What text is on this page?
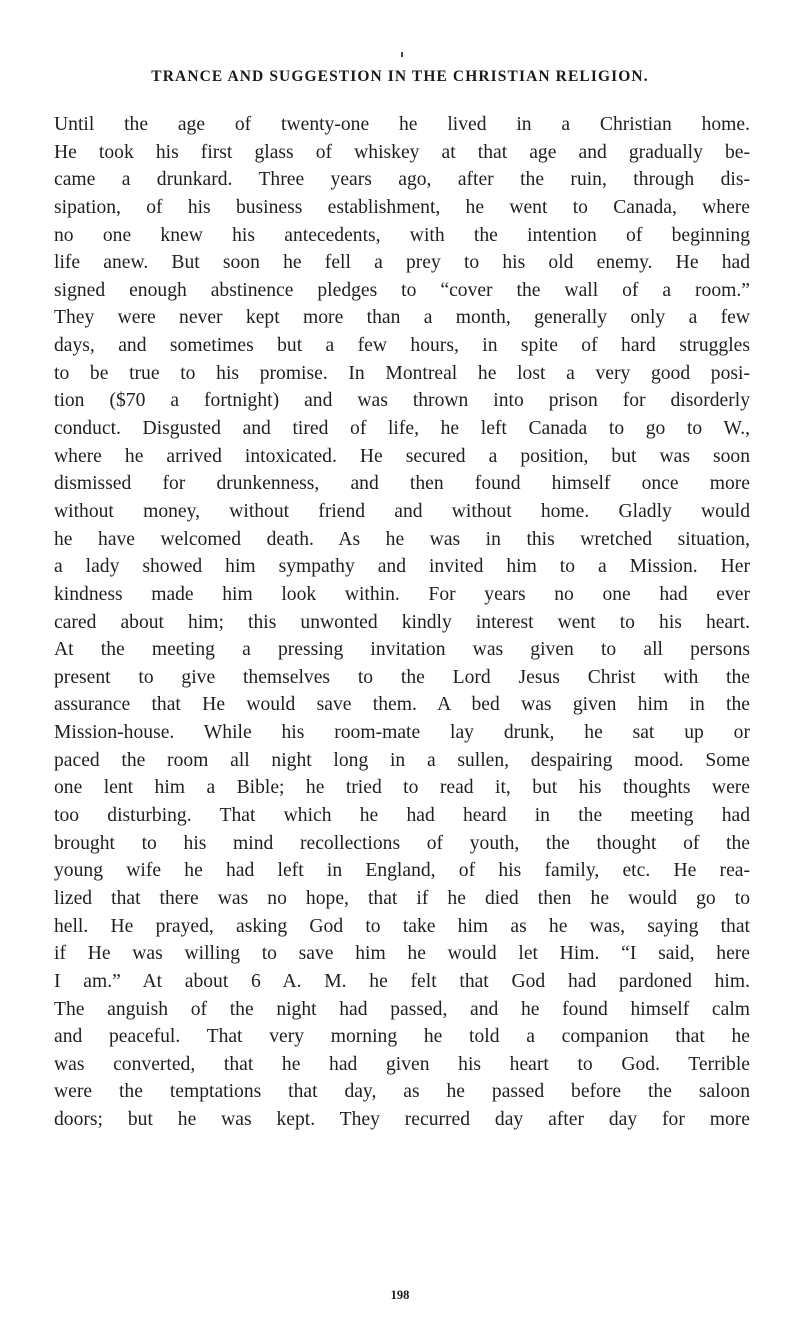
TRANCE AND SUGGESTION IN THE CHRISTIAN RELIGION.
Until the age of twenty-one he lived in a Christian home.
He took his first glass of whiskey at that age and gradually be-
came a drunkard. Three years ago, after the ruin, through dis-
sipation, of his business establishment, he went to Canada, where
no one knew his antecedents, with the intention of beginning
life anew. But soon he fell a prey to his old enemy. He had
signed enough abstinence pledges to “cover the wall of a room.”
They were never kept more than a month, generally only a few
days, and sometimes but a few hours, in spite of hard struggles
to be true to his promise. In Montreal he lost a very good posi-
tion ($70 a fortnight) and was thrown into prison for disorderly
conduct. Disgusted and tired of life, he left Canada to go to W.,
where he arrived intoxicated. He secured a position, but was soon
dismissed for drunkenness, and then found himself once more
without money, without friend and without home. Gladly would
he have welcomed death. As he was in this wretched situation,
a lady showed him sympathy and invited him to a Mission. Her
kindness made him look within. For years no one had ever
cared about him; this unwonted kindly interest went to his heart.
At the meeting a pressing invitation was given to all persons
present to give themselves to the Lord Jesus Christ with the
assurance that He would save them. A bed was given him in the
Mission-house. While his room-mate lay drunk, he sat up or
paced the room all night long in a sullen, despairing mood. Some
one lent him a Bible; he tried to read it, but his thoughts were
too disturbing. That which he had heard in the meeting had
brought to his mind recollections of youth, the thought of the
young wife he had left in England, of his family, etc. He rea-
lized that there was no hope, that if he died then he would go to
hell. He prayed, asking God to take him as he was, saying that
if He was willing to save him he would let Him. “I said, here
I am.” At about 6 A. M. he felt that God had pardoned him.
The anguish of the night had passed, and he found himself calm
and peaceful. That very morning he told a companion that he
was converted, that he had given his heart to God. Terrible
were the temptations that day, as he passed before the saloon
doors; but he was kept. They recurred day after day for more
198
